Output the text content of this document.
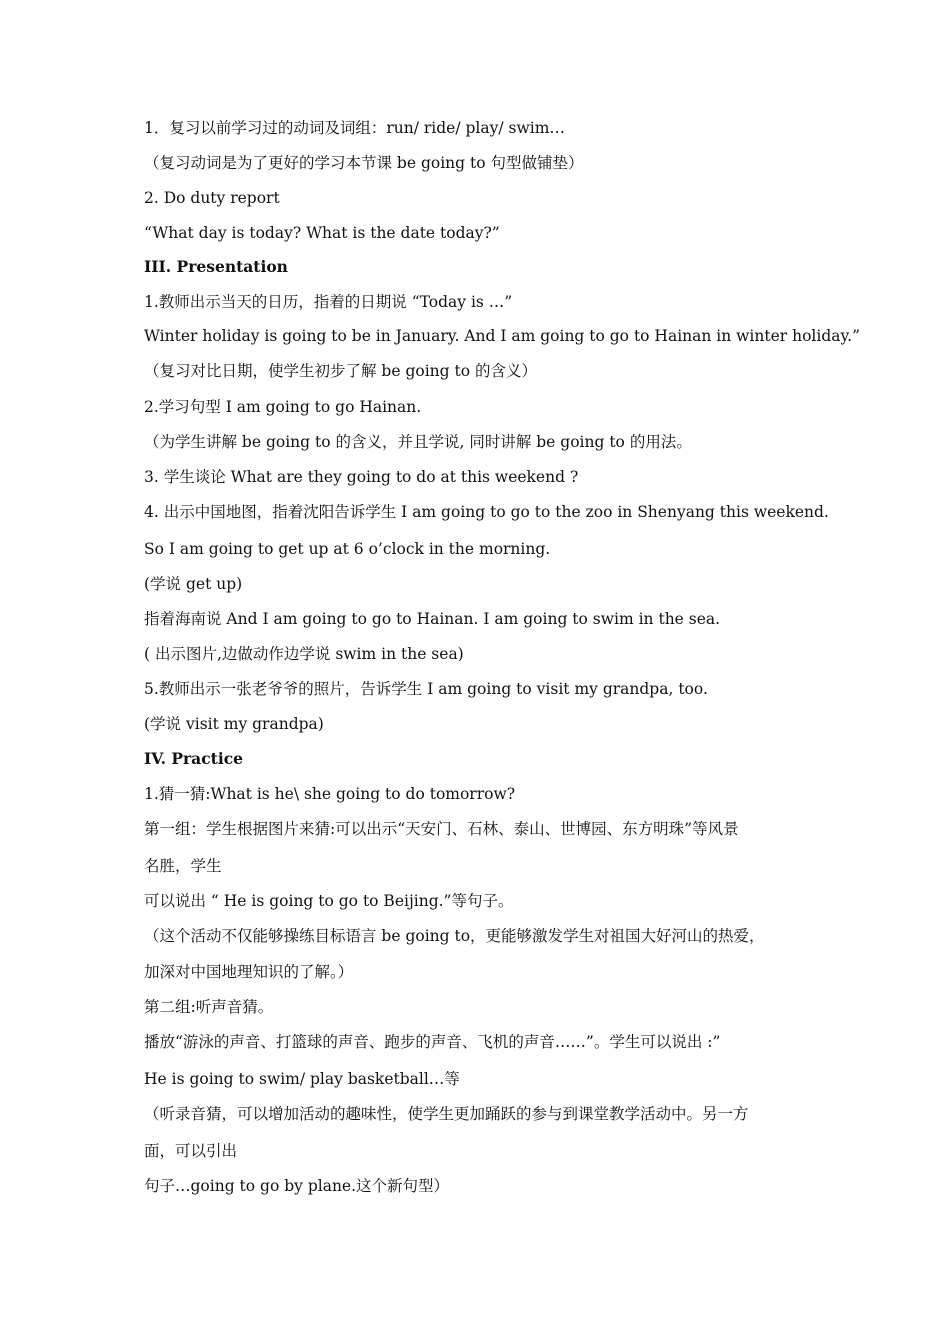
1．复习以前学习过的动词及词组：run/ ride/ play/ swim…
（复习动词是为了更好的学习本节课 be going to 句型做铺垫）
2. Do duty report
“What day is today? What is the date today?”
III. Presentation
1.教师出示当天的日历，指着的日期说 “Today is …”
Winter holiday is going to be in January. And I am going to go to Hainan in winter holiday.”
（复习对比日期，使学生初步了解 be going to 的含义）
2.学习句型 I am going to go Hainan.
（为学生讲解 be going to 的含义，并且学说, 同时讲解 be going to 的用法。
3. 学生谈论 What are they going to do at this weekend ?
4. 出示中国地图，指着沈阳告诉学生 I am going to go to the zoo in Shenyang this weekend.
So I am going to get up at 6 o’clock in the morning.
(学说 get up)
指着海南说 And I am going to go to Hainan. I am going to swim in the sea.
( 出示图片,边做动作边学说 swim in the sea)
5.教师出示一张老爷爷的照片，告诉学生 I am going to visit my grandpa, too.
(学说 visit my grandpa)
IV. Practice
1.猜一猜:What is he\ she going to do tomorrow?
第一组：学生根据图片来猜:可以出示“天安门、石林、泰山、世博园、东方明珠”等风景
名胜，学生
可以说出 “ He is going to go to Beijing.”等句子。
（这个活动不仅能够操练目标语言 be going to，更能够激发学生对祖国大好河山的热爱，
加深对中国地理知识的了解。）
第二组:听声音猜。
播放“游泳的声音、打篮球的声音、跑步的声音、飞机的声音……”。学生可以说出 :”
He is going to swim/ play basketball…等
（听录音猜，可以增加活动的趣味性，使学生更加踊跃的参与到课堂教学活动中。另一方
面，可以引出
句子…going to go by plane.这个新句型）
